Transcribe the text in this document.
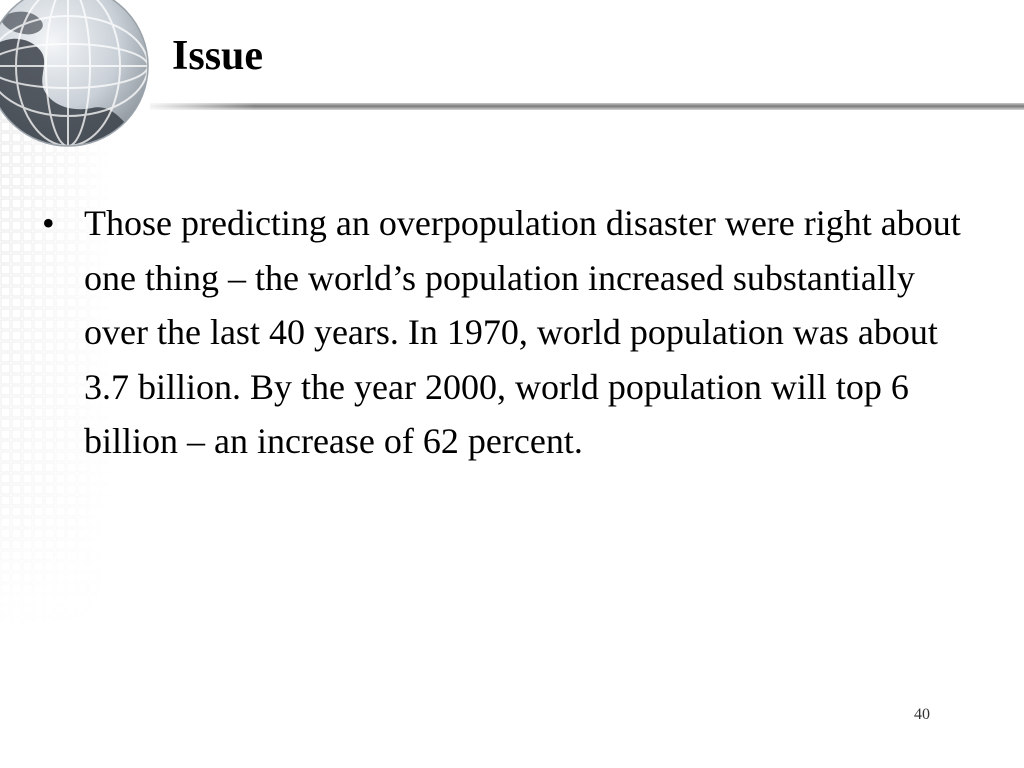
Issue
• Those predicting an overpopulation disaster were right about one thing – the world’s population increased substantially over the last 40 years. In 1970, world population was about 3.7 billion. By the year 2000, world population will top 6 billion – an increase of 62 percent.
40
